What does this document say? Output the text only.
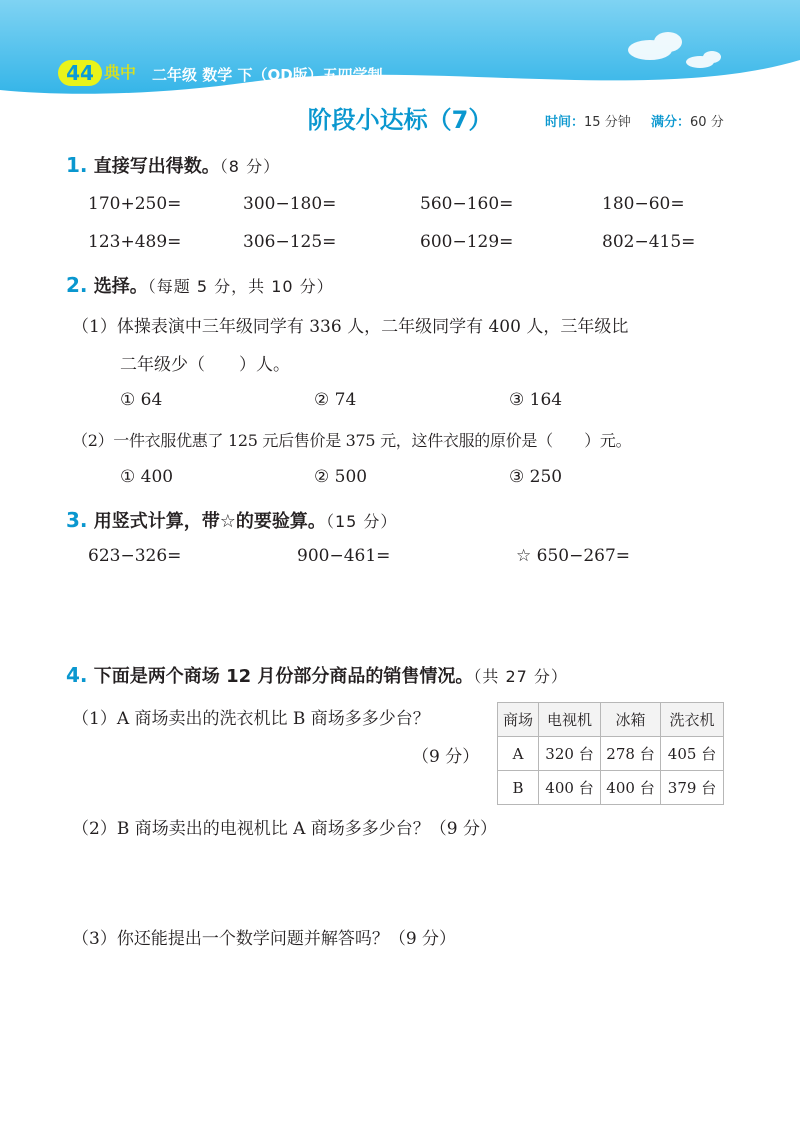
44 典中 二年级 数学 下（QD版）五四学制
阶段小达标（7）	时间：15 分钟 满分：60 分
1. 直接写出得数。（8 分）
170+250=	300−180=	560−160=	180−60=
123+489=	306−125=	600−129=	802−415=
2. 选择。（每题 5 分，共 10 分）
（1）体操表演中三年级同学有 336 人，二年级同学有 400 人，三年级比
二年级少（　　）人。
① 64	② 74	③ 164
（2）一件衣服优惠了 125 元后售价是 375 元，这件衣服的原价是（　　）元。
① 400	② 500	③ 250
3. 用竖式计算，带☆的要验算。（15 分）
623−326=	900−461=	☆ 650−267=
4. 下面是两个商场 12 月份部分商品的销售情况。（共 27 分）
（1）A 商场卖出的洗衣机比 B 商场多多少台？
（9 分）
商场	电视机	冰箱	洗衣机
A	320 台	278 台	405 台
B	400 台	400 台	379 台
（2）B 商场卖出的电视机比 A 商场多多少台？（9 分）
（3）你还能提出一个数学问题并解答吗？（9 分）
